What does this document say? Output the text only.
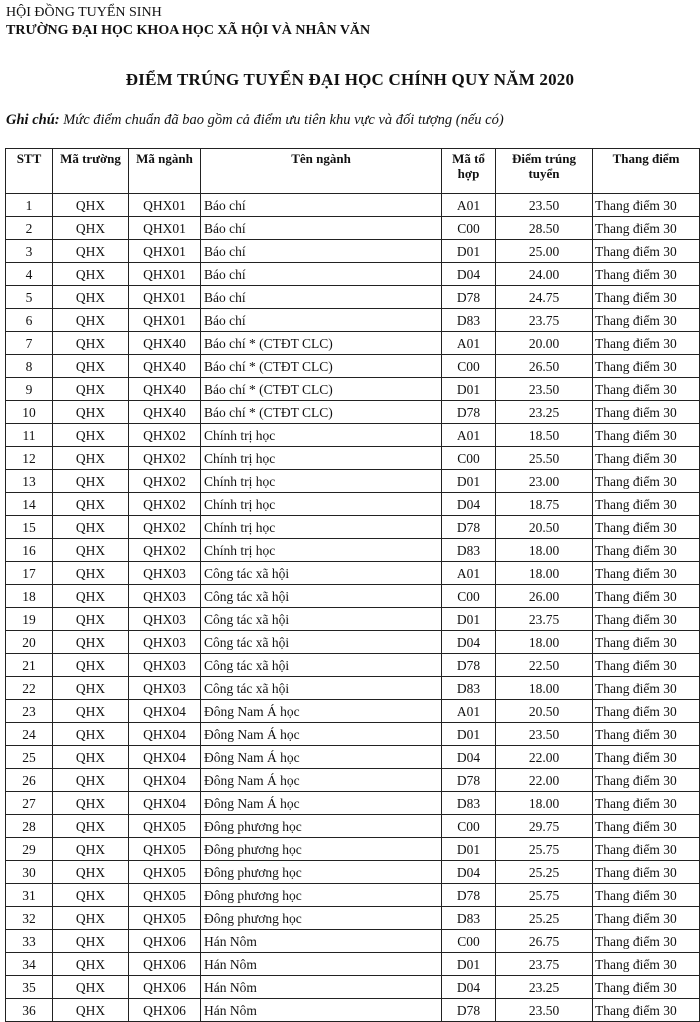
HỘI ĐỒNG TUYỂN SINH
TRƯỜNG ĐẠI HỌC KHOA HỌC XÃ HỘI VÀ NHÂN VĂN
ĐIỂM TRÚNG TUYỂN ĐẠI HỌC CHÍNH QUY NĂM 2020
Ghi chú: Mức điểm chuẩn đã bao gồm cả điểm ưu tiên khu vực và đối tượng (nếu có)
STT	Mã trường	Mã ngành	Tên ngành	Mã tổ hợp	Điểm trúng tuyển	Thang điểm
1	QHX	QHX01	Báo chí	A01	23.50	Thang điểm 30
2	QHX	QHX01	Báo chí	C00	28.50	Thang điểm 30
3	QHX	QHX01	Báo chí	D01	25.00	Thang điểm 30
4	QHX	QHX01	Báo chí	D04	24.00	Thang điểm 30
5	QHX	QHX01	Báo chí	D78	24.75	Thang điểm 30
6	QHX	QHX01	Báo chí	D83	23.75	Thang điểm 30
7	QHX	QHX40	Báo chí * (CTĐT CLC)	A01	20.00	Thang điểm 30
8	QHX	QHX40	Báo chí * (CTĐT CLC)	C00	26.50	Thang điểm 30
9	QHX	QHX40	Báo chí * (CTĐT CLC)	D01	23.50	Thang điểm 30
10	QHX	QHX40	Báo chí * (CTĐT CLC)	D78	23.25	Thang điểm 30
11	QHX	QHX02	Chính trị học	A01	18.50	Thang điểm 30
12	QHX	QHX02	Chính trị học	C00	25.50	Thang điểm 30
13	QHX	QHX02	Chính trị học	D01	23.00	Thang điểm 30
14	QHX	QHX02	Chính trị học	D04	18.75	Thang điểm 30
15	QHX	QHX02	Chính trị học	D78	20.50	Thang điểm 30
16	QHX	QHX02	Chính trị học	D83	18.00	Thang điểm 30
17	QHX	QHX03	Công tác xã hội	A01	18.00	Thang điểm 30
18	QHX	QHX03	Công tác xã hội	C00	26.00	Thang điểm 30
19	QHX	QHX03	Công tác xã hội	D01	23.75	Thang điểm 30
20	QHX	QHX03	Công tác xã hội	D04	18.00	Thang điểm 30
21	QHX	QHX03	Công tác xã hội	D78	22.50	Thang điểm 30
22	QHX	QHX03	Công tác xã hội	D83	18.00	Thang điểm 30
23	QHX	QHX04	Đông Nam Á học	A01	20.50	Thang điểm 30
24	QHX	QHX04	Đông Nam Á học	D01	23.50	Thang điểm 30
25	QHX	QHX04	Đông Nam Á học	D04	22.00	Thang điểm 30
26	QHX	QHX04	Đông Nam Á học	D78	22.00	Thang điểm 30
27	QHX	QHX04	Đông Nam Á học	D83	18.00	Thang điểm 30
28	QHX	QHX05	Đông phương học	C00	29.75	Thang điểm 30
29	QHX	QHX05	Đông phương học	D01	25.75	Thang điểm 30
30	QHX	QHX05	Đông phương học	D04	25.25	Thang điểm 30
31	QHX	QHX05	Đông phương học	D78	25.75	Thang điểm 30
32	QHX	QHX05	Đông phương học	D83	25.25	Thang điểm 30
33	QHX	QHX06	Hán Nôm	C00	26.75	Thang điểm 30
34	QHX	QHX06	Hán Nôm	D01	23.75	Thang điểm 30
35	QHX	QHX06	Hán Nôm	D04	23.25	Thang điểm 30
36	QHX	QHX06	Hán Nôm	D78	23.50	Thang điểm 30
